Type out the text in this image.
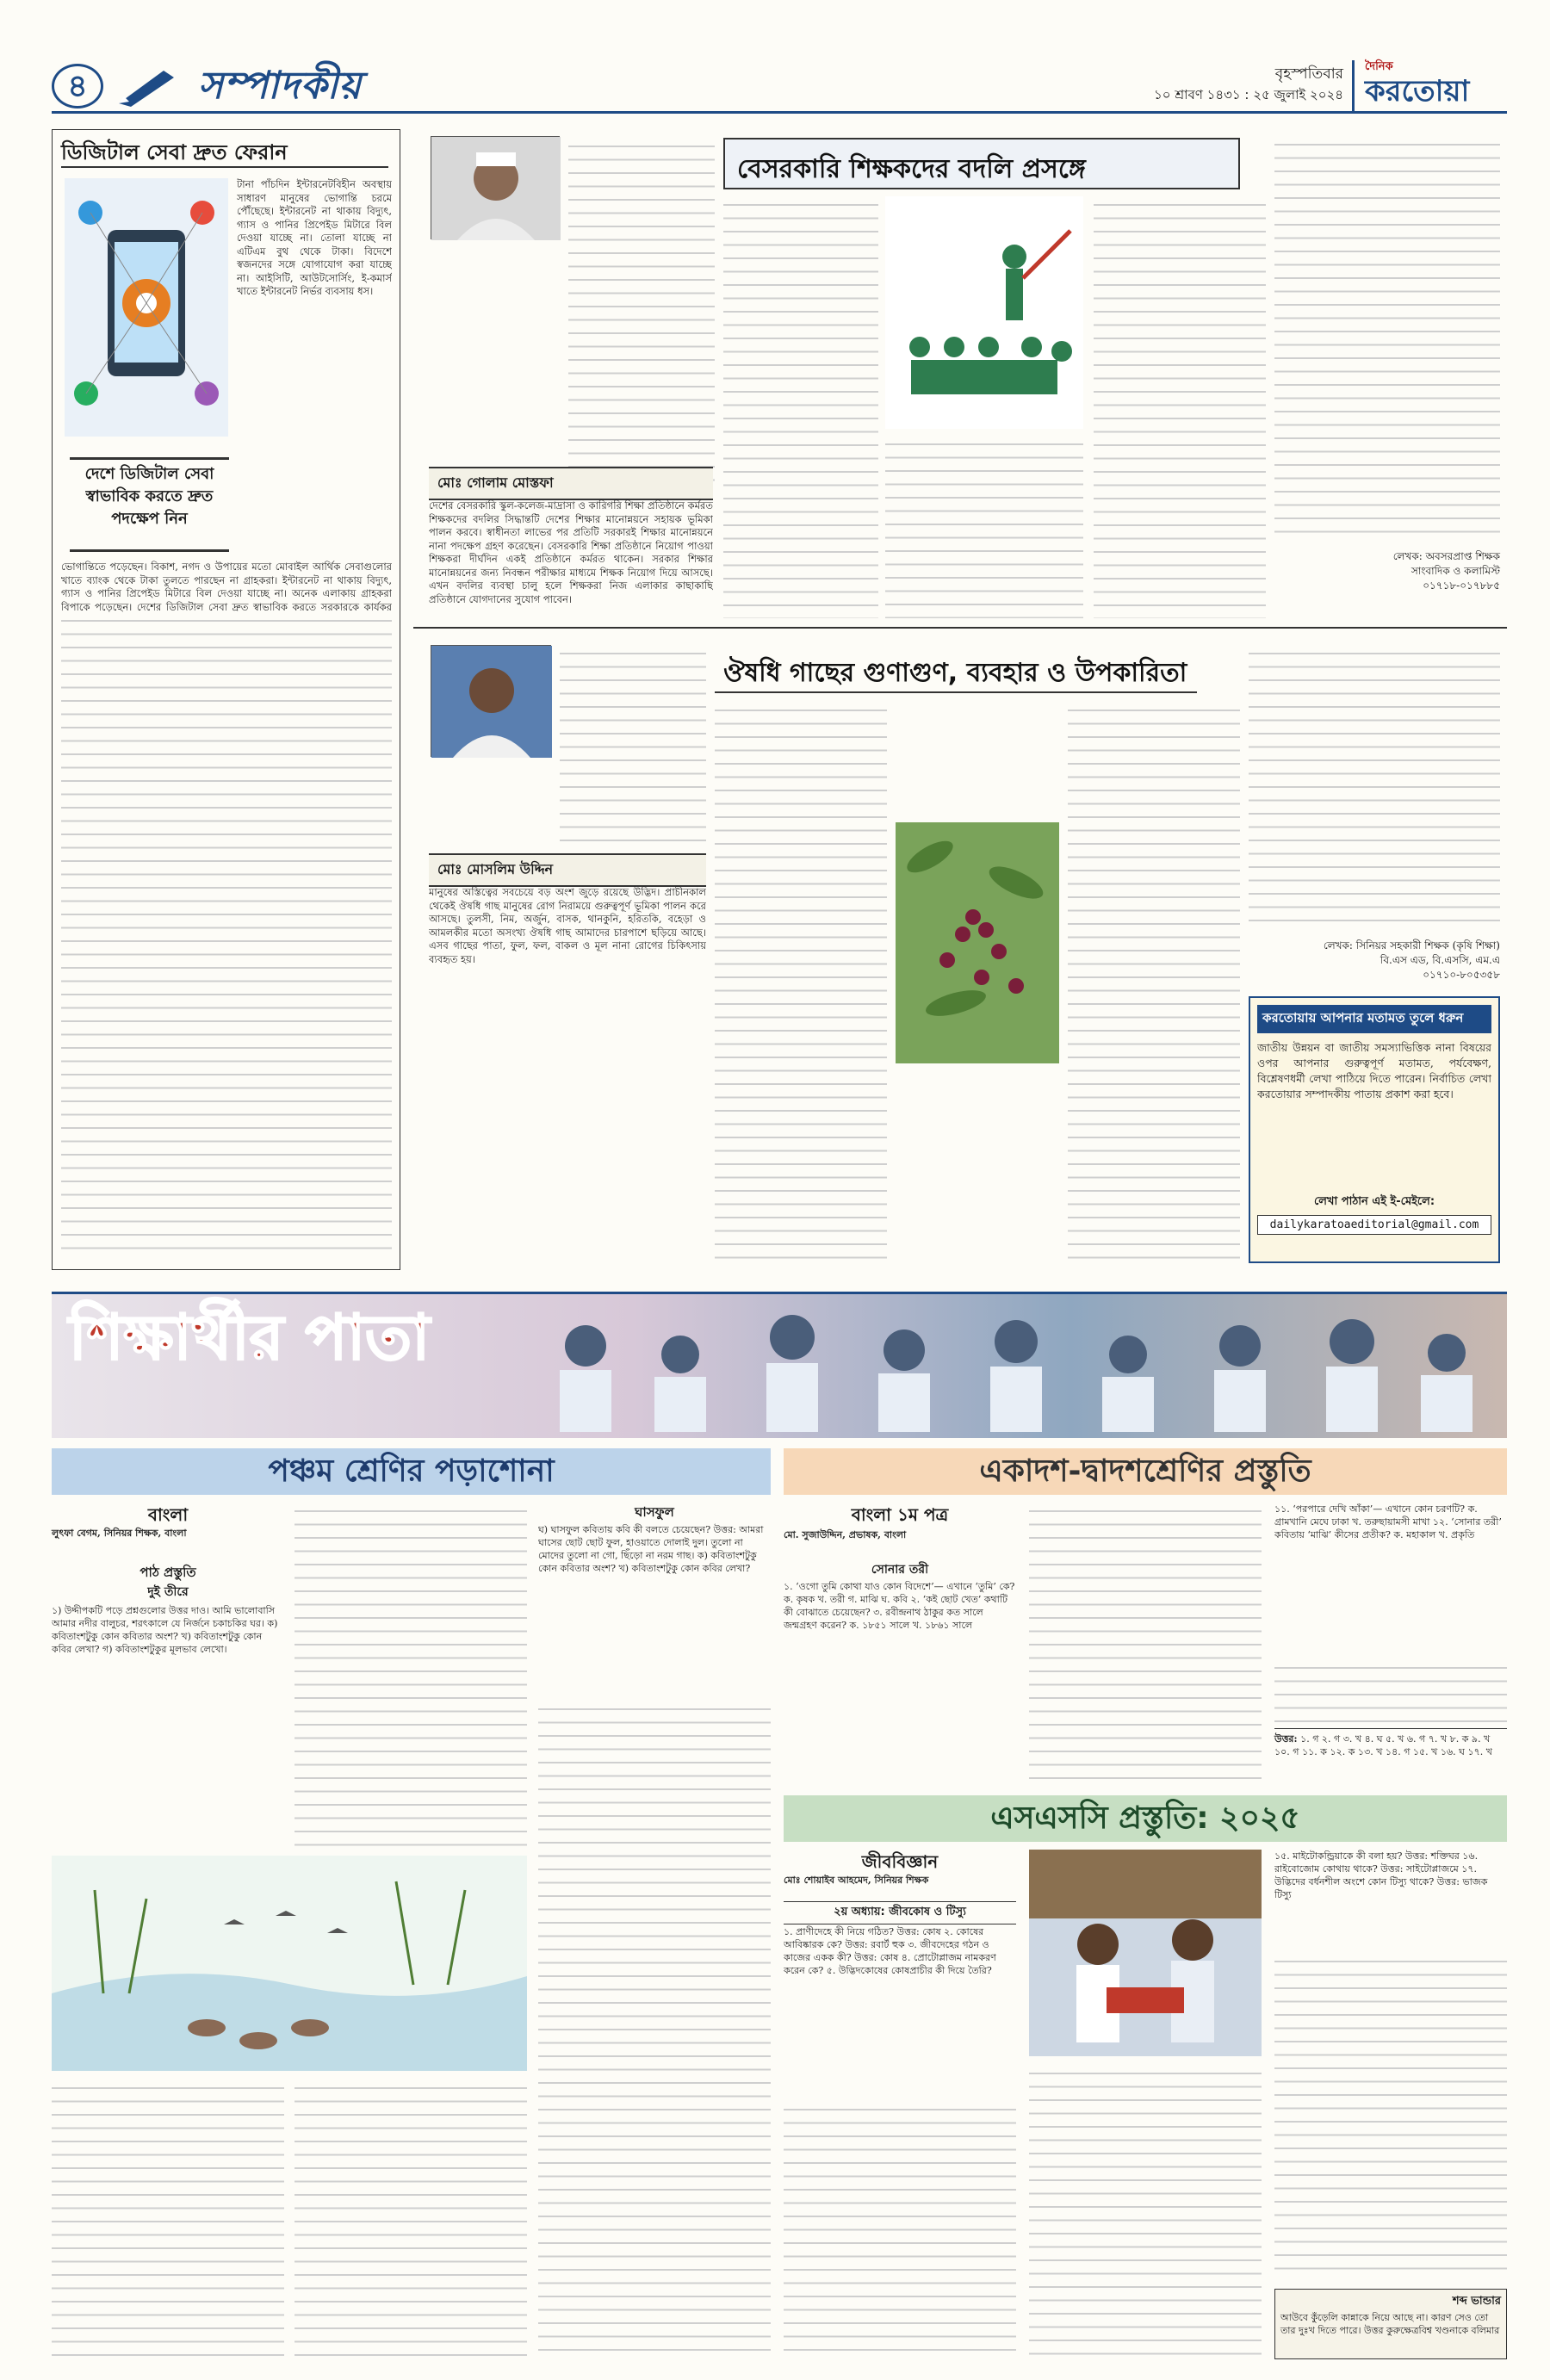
৪	সম্পাদকীয়	বৃহস্পতিবার
১০ শ্রাবণ ১৪৩১ : ২৫ জুলাই ২০২৪
দৈনিক
করতোয়া
ডিজিটাল সেবা দ্রুত ফেরান
টানা পাঁচদিন ইন্টারনেটবিহীন অবস্থায় সাধারণ মানুষের ভোগান্তি চরমে পৌঁছেছে। ইন্টারনেট না থাকায় বিদ্যুৎ, গ্যাস ও পানির প্রিপেইড মিটারে বিল দেওয়া যাচ্ছে না। তোলা যাচ্ছে না এটিএম বুথ থেকে টাকা। বিদেশে স্বজনদের সঙ্গে যোগাযোগ করা যাচ্ছে না। আইসিটি, আউটসোর্সিং, ই-কমার্স খাতে ইন্টারনেট নির্ভর ব্যবসায় ধস।
দেশে ডিজিটাল সেবা স্বাভাবিক করতে দ্রুত পদক্ষেপ নিন
ভোগান্তিতে পড়েছেন। বিকাশ, নগদ ও উপায়ের মতো মোবাইল আর্থিক সেবাগুলোর খাতে ব্যাংক থেকে টাকা তুলতে পারছেন না গ্রাহকরা। ইন্টারনেট না থাকায় বিদ্যুৎ, গ্যাস ও পানির প্রিপেইড মিটারে বিল দেওয়া যাচ্ছে না। অনেক এলাকায় গ্রাহকরা বিপাকে পড়েছেন। দেশের ডিজিটাল সেবা দ্রুত স্বাভাবিক করতে সরকারকে কার্যকর
মোঃ গোলাম মোস্তফা
দেশের বেসরকারি স্কুল-কলেজ-মাদ্রাসা ও কারিগরি শিক্ষা প্রতিষ্ঠানে কর্মরত শিক্ষকদের বদলির সিদ্ধান্তটি দেশের শিক্ষার মানোন্নয়নে সহায়ক ভূমিকা পালন করবে। স্বাধীনতা লাভের পর প্রতিটি সরকারই শিক্ষার মানোন্নয়নে নানা পদক্ষেপ গ্রহণ করেছেন। বেসরকারি শিক্ষা প্রতিষ্ঠানে নিয়োগ পাওয়া শিক্ষকরা দীর্ঘদিন একই প্রতিষ্ঠানে কর্মরত থাকেন। সরকার শিক্ষার মানোন্নয়নের জন্য নিবন্ধন পরীক্ষার মাধ্যমে শিক্ষক নিয়োগ দিয়ে আসছে। এখন বদলির ব্যবস্থা চালু হলে শিক্ষকরা নিজ এলাকার কাছাকাছি প্রতিষ্ঠানে যোগদানের সুযোগ পাবেন।
বেসরকারি শিক্ষকদের বদলি প্রসঙ্গে
লেখক: অবসরপ্রাপ্ত শিক্ষক
সাংবাদিক ও কলামিস্ট
০১৭১৮-০১৭৮৮৫
মোঃ মোসলিম উদ্দিন
মানুষের অস্তিত্বের সবচেয়ে বড় অংশ জুড়ে রয়েছে উদ্ভিদ। প্রাচীনকাল থেকেই ঔষধি গাছ মানুষের রোগ নিরাময়ে গুরুত্বপূর্ণ ভূমিকা পালন করে আসছে। তুলসী, নিম, অর্জুন, বাসক, থানকুনি, হরিতকি, বহেড়া ও আমলকীর মতো অসংখ্য ঔষধি গাছ আমাদের চারপাশে ছড়িয়ে আছে। এসব গাছের পাতা, ফুল, ফল, বাকল ও মূল নানা রোগের চিকিৎসায় ব্যবহৃত হয়।
ঔষধি গাছের গুণাগুণ, ব্যবহার ও উপকারিতা
লেখক: সিনিয়র সহকারী শিক্ষক (কৃষি শিক্ষা)
বি.এস এড, বি.এসসি, এম.এ
০১৭১০-৮০৫৩৫৮
করতোয়ায় আপনার মতামত তুলে ধরুন
জাতীয় উন্নয়ন বা জাতীয় সমস্যাভিত্তিক নানা বিষয়ের ওপর আপনার গুরুত্বপূর্ণ মতামত, পর্যবেক্ষণ, বিশ্লেষণধর্মী লেখা পাঠিয়ে দিতে পারেন। নির্বাচিত লেখা করতোয়ার সম্পাদকীয় পাতায় প্রকাশ করা হবে।
লেখা পাঠান এই ই-মেইলে:
dailykaratoaeditorial@gmail.com
শিক্ষার্থীর পাতা
পঞ্চম শ্রেণির পড়াশোনা	একাদশ-দ্বাদশশ্রেণির প্রস্তুতি
বাংলা
লুৎফা বেগম, সিনিয়র শিক্ষক, বাংলা
পাঠ প্রস্তুতি
দুই তীরে
১) উদ্দীপকটি পড়ে প্রশ্নগুলোর উত্তর দাও। আমি ভালোবাসি আমার নদীর বালুচর, শরৎকালে যে নির্জনে চকাচকির ঘর। ক) কবিতাংশটুকু কোন কবিতার অংশ? খ) কবিতাংশটুকু কোন কবির লেখা? গ) কবিতাংশটুকুর মূলভাব লেখো।
ঘাসফুল
ঘ) ঘাসফুল কবিতায় কবি কী বলতে চেয়েছেন? উত্তর: আমরা ঘাসের ছোট ছোট ফুল, হাওয়াতে দোলাই দুল। তুলো না মোদের তুলো না গো, ছিঁড়ো না নরম গাছ। ক) কবিতাংশটুকু কোন কবিতার অংশ? খ) কবিতাংশটুকু কোন কবির লেখা?
বাংলা ১ম পত্র
মো. সুজাউদ্দিন, প্রভাষক, বাংলা
সোনার তরী
১. ‘ওগো তুমি কোথা যাও কোন বিদেশে’— এখানে ‘তুমি’ কে? ক. কৃষক খ. তরী গ. মাঝি ঘ. কবি ২. ‘কই ছোট খেত’ কথাটি কী বোঝাতে চেয়েছেন? ৩. রবীন্দ্রনাথ ঠাকুর কত সালে জন্মগ্রহণ করেন? ক. ১৮৫১ সালে খ. ১৮৬১ সালে
১১. ‘পরপারে দেখি আঁকা’— এখানে কোন চরণটি? ক. গ্রামখানি মেঘে ঢাকা খ. তরুছায়ামসী মাখা ১২. ‘সোনার তরী’ কবিতায় ‘মাঝি’ কীসের প্রতীক? ক. মহাকাল খ. প্রকৃতি
উত্তর: ১. গ ২. গ ৩. খ ৪. ঘ ৫. খ ৬. গ ৭. খ ৮. ক ৯. খ ১০. গ ১১. ক ১২. ক ১৩. খ ১৪. গ ১৫. খ ১৬. ঘ ১৭. খ
এসএসসি প্রস্তুতি: ২০২৫
জীববিজ্ঞান
মোঃ শোয়াইব আহমেদ, সিনিয়র শিক্ষক
২য় অধ্যায়: জীবকোষ ও টিস্যু
১. প্রাণীদেহে কী নিয়ে গঠিত? উত্তর: কোষ ২. কোষের আবিষ্কারক কে? উত্তর: রবার্ট হুক ৩. জীবদেহের গঠন ও কাজের একক কী? উত্তর: কোষ ৪. প্রোটোপ্লাজম নামকরণ করেন কে? ৫. উদ্ভিদকোষের কোষপ্রাচীর কী দিয়ে তৈরি?
১৫. মাইটোকন্ড্রিয়াকে কী বলা হয়? উত্তর: শক্তিঘর ১৬. রাইবোজোম কোথায় থাকে? উত্তর: সাইটোপ্লাজমে ১৭. উদ্ভিদের বর্ধনশীল অংশে কোন টিস্যু থাকে? উত্তর: ভাজক টিস্যু
শব্দ ভান্ডার
আউবে কুঁড়েলি কান্নাকে নিয়ে আছে না। কারণ সেও তো তার দুঃখ দিতে পারে। উত্তর কুরুক্ষেত্রবিশ্ব খণ্ডনাকে বলিমার
